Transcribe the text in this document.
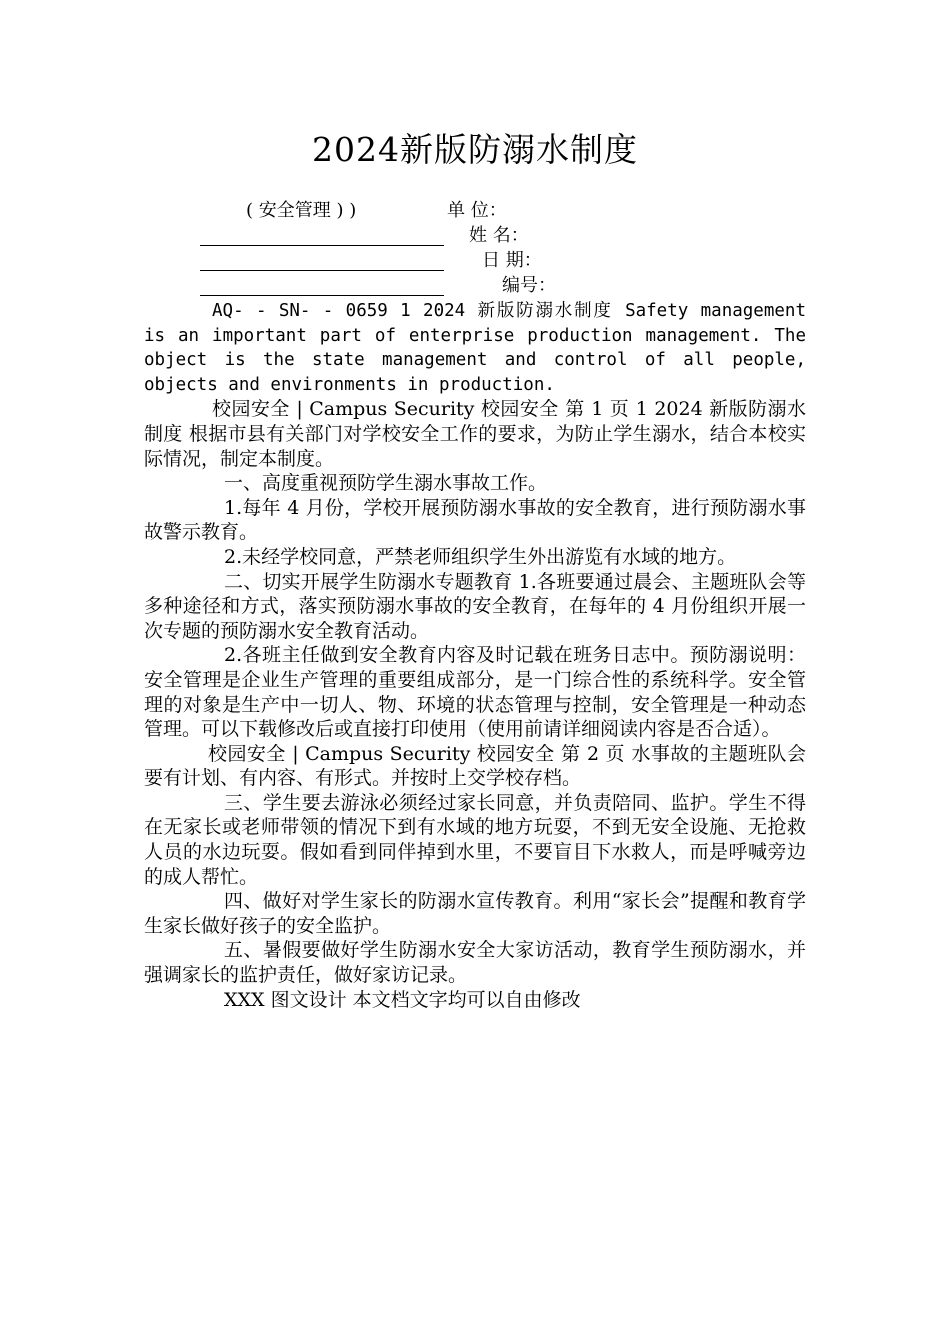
2024新版防溺水制度
( 安全管理 ) )	单 位：
姓 名：
日 期：
编号：

AQ- - SN- - 0659 1 2024 新版防溺水制度 Safety management is an important part of enterprise production management. The object is the state management and control of all people, objects and environments in production.

校园安全 | Campus Security 校园安全 第 1 页 1 2024 新版防溺水制度 根据市县有关部门对学校安全工作的要求，为防止学生溺水，结合本校实际情况，制定本制度。

一、高度重视预防学生溺水事故工作。

1.每年 4 月份，学校开展预防溺水事故的安全教育，进行预防溺水事故警示教育。

2.未经学校同意，严禁老师组织学生外出游览有水域的地方。

二、切实开展学生防溺水专题教育 1.各班要通过晨会、主题班队会等多种途径和方式，落实预防溺水事故的安全教育，在每年的 4 月份组织开展一次专题的预防溺水安全教育活动。

2.各班主任做到安全教育内容及时记载在班务日志中。预防溺说明：安全管理是企业生产管理的重要组成部分，是一门综合性的系统科学。安全管理的对象是生产中一切人、物、环境的状态管理与控制，安全管理是一种动态管理。可以下载修改后或直接打印使用（使用前请详细阅读内容是否合适）。

校园安全 | Campus Security 校园安全 第 2 页 水事故的主题班队会要有计划、有内容、有形式。并按时上交学校存档。

三、学生要去游泳必须经过家长同意，并负责陪同、监护。学生不得在无家长或老师带领的情况下到有水域的地方玩耍，不到无安全设施、无抢救人员的水边玩耍。假如看到同伴掉到水里，不要盲目下水救人，而是呼喊旁边的成人帮忙。

四、做好对学生家长的防溺水宣传教育。利用“家长会”提醒和教育学生家长做好孩子的安全监护。

五、暑假要做好学生防溺水安全大家访活动，教育学生预防溺水，并强调家长的监护责任，做好家访记录。

XXX 图文设计 本文档文字均可以自由修改
